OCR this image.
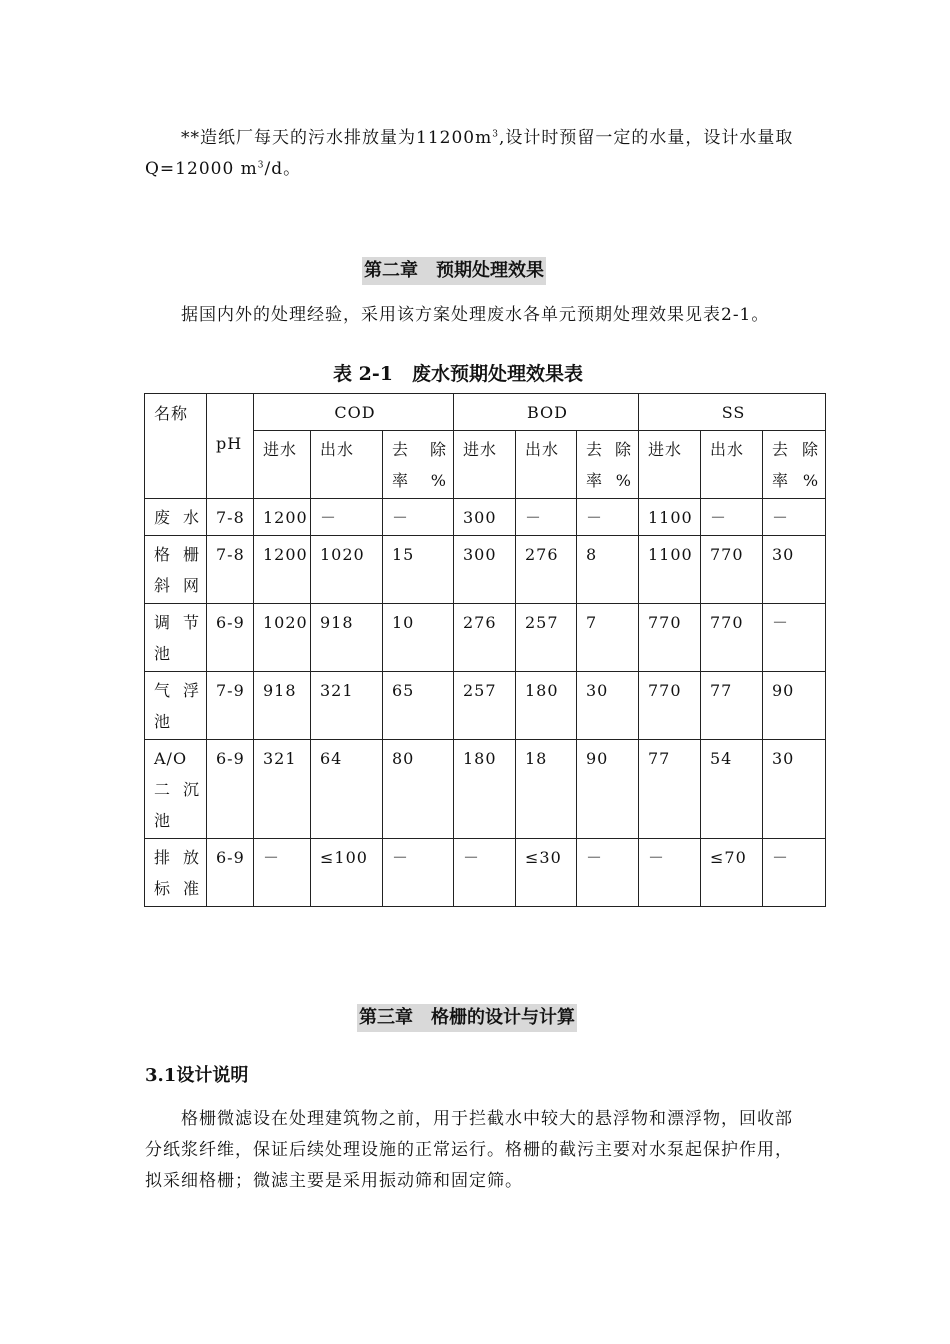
**造纸厂每天的污水排放量为$11200m^3$,设计时预留一定的水量，设计水量取Q=12000 $m^3/d$。

第二章　预期处理效果

据国内外的处理经验，采用该方案处理废水各单元预期处理效果见表2-1。

表 2-1　废水预期处理效果表
名称	pH	COD			BOD			SS		
		进水	出水	去除率%	进水	出水	去除率%	进水	出水	去除率%
废水	7-8	1200	－	－	300	－	－	1100	－	－
格栅斜网	7-8	1200	1020	15	300	276	8	1100	770	30
调节池	6-9	1020	918	10	276	257	7	770	770	－
气浮池	7-9	918	321	65	257	180	30	770	77	90
A/O二沉池	6-9	321	64	80	180	18	90	77	54	30
排放标准	6-9	－	≤100	－	－	≤30	－	－	≤70	－
第三章　格栅的设计与计算
3.1设计说明

格栅微滤设在处理建筑物之前，用于拦截水中较大的悬浮物和漂浮物，回收部分纸浆纤维，保证后续处理设施的正常运行。格栅的截污主要对水泵起保护作用，拟采细格栅；微滤主要是采用振动筛和固定筛。
